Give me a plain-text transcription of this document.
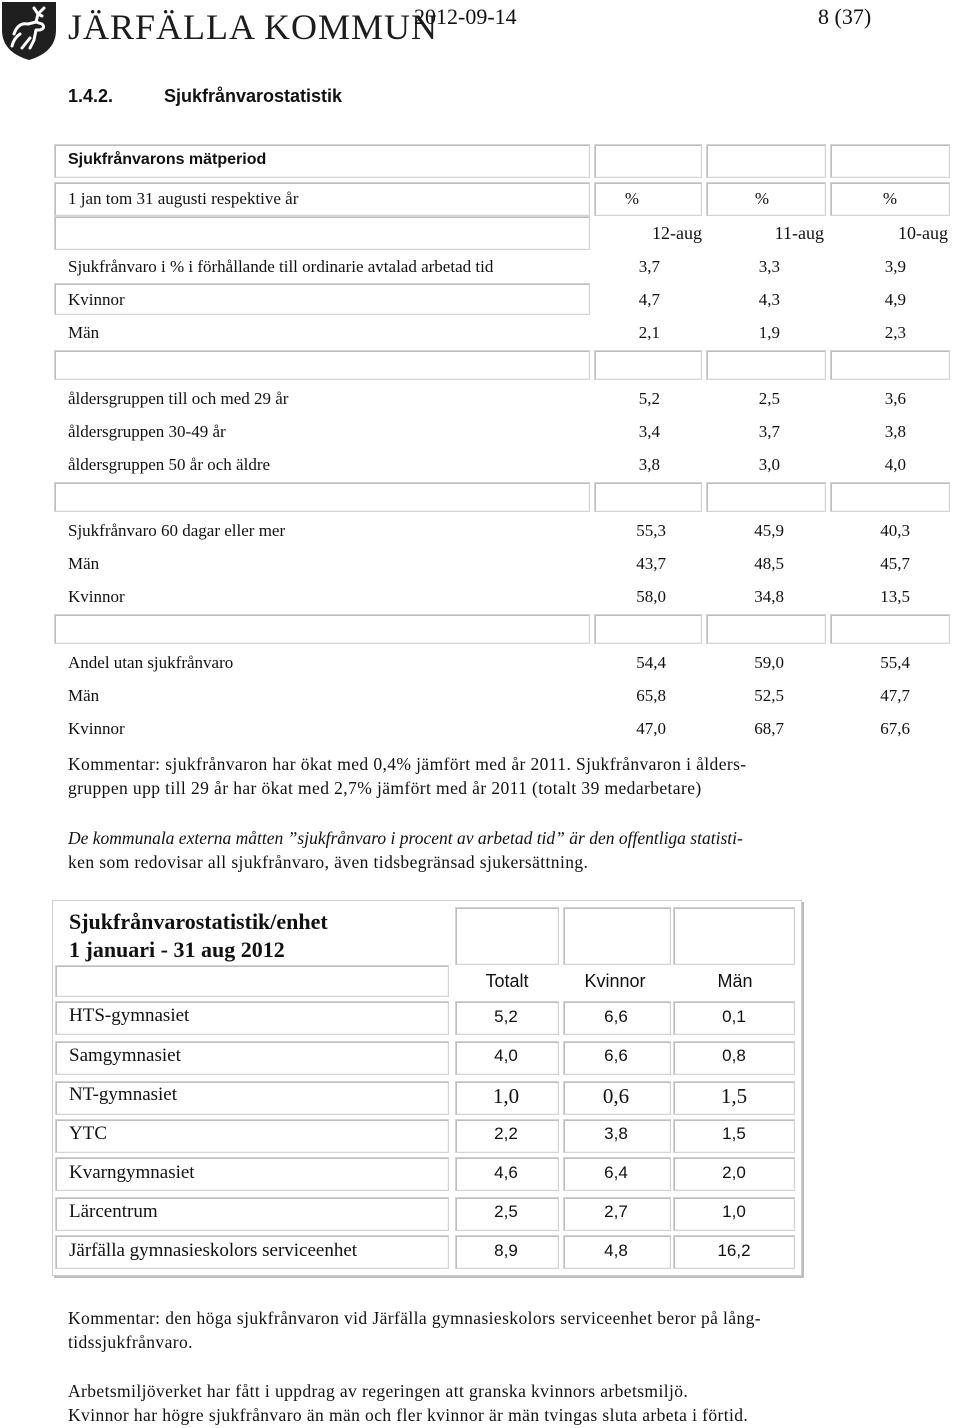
JÄRFÄLLA KOMMUN
2012-09-14	8 (37)
1.4.2.	Sjukfrånvarostatistik
Sjukfrånvarons mätperiod
1 jan tom 31 augusti respektive år	%	%	%
12-aug	11-aug	10-aug
Sjukfrånvaro i % i förhållande till ordinarie avtalad arbetad tid	3,7	3,3	3,9
Kvinnor	4,7	4,3	4,9
Män	2,1	1,9	2,3
åldersgruppen till och med 29 år	5,2	2,5	3,6
åldersgruppen 30-49 år	3,4	3,7	3,8
åldersgruppen 50 år och äldre	3,8	3,0	4,0
Sjukfrånvaro 60 dagar eller mer	55,3	45,9	40,3
Män	43,7	48,5	45,7
Kvinnor	58,0	34,8	13,5
Andel utan sjukfrånvaro	54,4	59,0	55,4
Män	65,8	52,5	47,7
Kvinnor	47,0	68,7	67,6
Kommentar: sjukfrånvaron har ökat med 0,4% jämfört med år 2011. Sjukfrånvaron i ålders-
gruppen upp till 29 år har ökat med 2,7% jämfört med år 2011 (totalt 39 medarbetare)
De kommunala externa måtten ”sjukfrånvaro i procent av arbetad tid” är den offentliga statisti-
ken som redovisar all sjukfrånvaro, även tidsbegränsad sjukersättning.
Sjukfrånvarostatistik/enhet
1 januari - 31 aug 2012
Totalt	Kvinnor	Män
HTS-gymnasiet	5,2	6,6	0,1
Samgymnasiet	4,0	6,6	0,8
NT-gymnasiet	1,0	0,6	1,5
YTC	2,2	3,8	1,5
Kvarngymnasiet	4,6	6,4	2,0
Lärcentrum	2,5	2,7	1,0
Järfälla gymnasieskolors serviceenhet	8,9	4,8	16,2
Kommentar: den höga sjukfrånvaron vid Järfälla gymnasieskolors serviceenhet beror på lång-
tidssjukfrånvaro.
Arbetsmiljöverket har fått i uppdrag av regeringen att granska kvinnors arbetsmiljö.
Kvinnor har högre sjukfrånvaro än män och fler kvinnor är män tvingas sluta arbeta i förtid.
